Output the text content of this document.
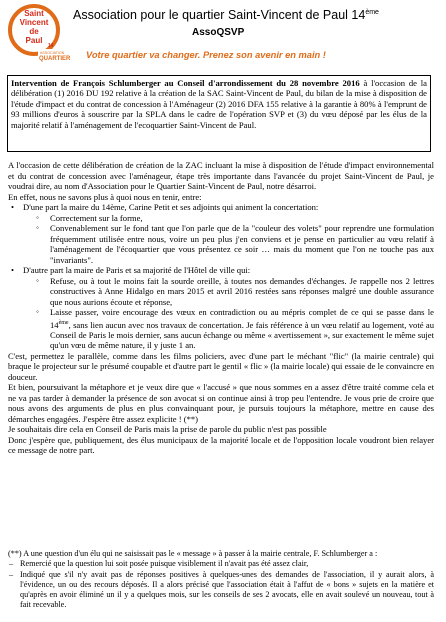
Saint
Vincent
de
Paul
14
ASSOCIATION
QUARTIER
Association pour le quartier Saint-Vincent de Paul 14ème
AssoQSVP
Votre quartier va changer. Prenez son avenir en main !
Intervention de François Schlumberger au Conseil d'arrondissement du 28 novembre 2016 à l'occasion de la délibération (1) 2016 DU 192 relative à la création de la SAC Saint-Vincent de Paul, du bilan de la mise à disposition de l'étude d'impact et du contrat de concession à l'Aménageur (2) 2016 DFA 155 relative à la garantie à 80% à l'emprunt de 93 millions d'euros à souscrire par la SPLA dans le cadre de l'opération SVP et (3) du vœu déposé par les élus de la majorité relatif à l'aménagement de l'ecoquartier Saint-Vincent de Paul.

A l'occasion de cette délibération de création de la ZAC incluant la mise à disposition de l'étude d'impact environnemental et du contrat de concession avec l'aménageur, étape très importante dans l'avancée du projet Saint-Vincent de Paul, je voudrai dire, au nom d'Association pour le Quartier Saint-Vincent de Paul, notre désarroi.

En effet, nous ne savons plus à quoi nous en tenir, entre:

• D'une part la maire du 14ème, Carine Petit et ses adjoints qui animent la concertation:
◦ Correctement sur la forme,
◦ Convenablement sur le fond tant que l'on parle que de la "couleur des volets" pour reprendre une formulation fréquemment utilisée entre nous, voire un peu plus j'en conviens et je pense en particulier au vœu relatif à l'aménagement de l'écoquartier que vous présentez ce soir … mais du moment que l'on ne touche pas aux "invariants".
• D'autre part la maire de Paris et sa majorité de l'Hôtel de ville qui:
◦ Refuse, ou à tout le moins fait la sourde oreille, à toutes nos demandes d'échanges. Je rappelle nos 2 lettres constructives à Anne Hidalgo en mars 2015 et avril 2016 restées sans réponses malgré une double assurance que nous aurions écoute et réponse,
◦ Laisse passer, voire encourage des vœux en contradiction ou au mépris complet de ce qui se passe dans le 14ème, sans lien aucun avec nos travaux de concertation. Je fais référence à un vœu relatif au logement, voté au Conseil de Paris le mois dernier, sans aucun échange ou même « avertissement », sur exactement le même sujet qu'un vœu de même nature, il y juste 1 an.

C'est, permettez le parallèle, comme dans les films policiers, avec d'une part le méchant "flic" (la mairie centrale) qui braque le projecteur sur le présumé coupable et d'autre part le gentil « flic » (la mairie locale) qui essaie de le convaincre en douceur.

Et bien, poursuivant la métaphore et je veux dire que « l'accusé » que nous sommes en a assez d'être traité comme cela et ne va pas tarder à demander la présence de son avocat si on continue ainsi à trop peu l'entendre. Je vous prie de croire que nous avons des arguments de plus en plus convainquant pour, je pursuis toujours la métaphore, mettre en cause des démarches engagées. J'espère être assez explicite ! (**)

Je souhaitais dire cela en Conseil de Paris mais la prise de parole du public n'est pas possible

Donc j'espère que, publiquement, des élus municipaux de la majorité locale et de l'opposition locale voudront bien relayer ce message de notre part.

(**) A une question d'un élu qui ne saisissait pas le « message » à passer à la mairie centrale, F. Schlumberger a :

– Remercié que la question lui soit posée puisque visiblement il n'avait pas été assez clair,
– Indiqué que s'il n'y avait pas de réponses positives à quelques-unes des demandes de l'association, il y aurait alors, à l'évidence, un ou des recours déposés. Il a alors précisé que l'association était à l'affut de « bons » sujets en la matière et qu'après en avoir éliminé un il y a quelques mois, sur les conseils de ses 2 avocats, elle en avait soulevé un nouveau, tout à fait recevable.
